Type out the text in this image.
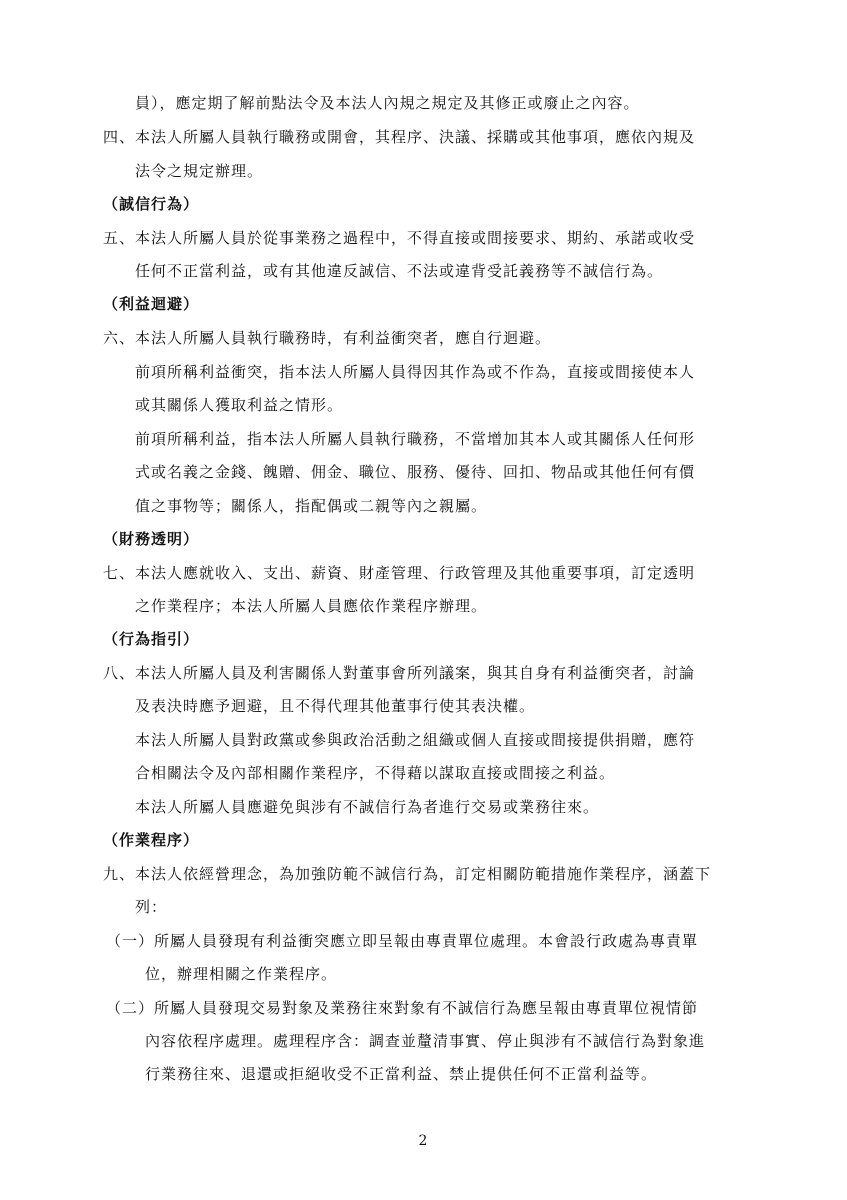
員），應定期了解前點法令及本法人內規之規定及其修正或廢止之內容。
四、本法人所屬人員執行職務或開會，其程序、決議、採購或其他事項，應依內規及
法令之規定辦理。
（誠信行為）
五、本法人所屬人員於從事業務之過程中，不得直接或間接要求、期約、承諾或收受
任何不正當利益，或有其他違反誠信、不法或違背受託義務等不誠信行為。
（利益迴避）
六、本法人所屬人員執行職務時，有利益衝突者，應自行迴避。
前項所稱利益衝突，指本法人所屬人員得因其作為或不作為，直接或間接使本人
或其關係人獲取利益之情形。
前項所稱利益，指本法人所屬人員執行職務，不當增加其本人或其關係人任何形
式或名義之金錢、餽贈、佣金、職位、服務、優待、回扣、物品或其他任何有價
值之事物等；關係人，指配偶或二親等內之親屬。
（財務透明）
七、本法人應就收入、支出、薪資、財產管理、行政管理及其他重要事項，訂定透明
之作業程序；本法人所屬人員應依作業程序辦理。
（行為指引）
八、本法人所屬人員及利害關係人對董事會所列議案，與其自身有利益衝突者，討論
及表決時應予迴避，且不得代理其他董事行使其表決權。
本法人所屬人員對政黨或參與政治活動之組織或個人直接或間接提供捐贈，應符
合相關法令及內部相關作業程序，不得藉以謀取直接或間接之利益。
本法人所屬人員應避免與涉有不誠信行為者進行交易或業務往來。
（作業程序）
九、本法人依經營理念，為加強防範不誠信行為，訂定相關防範措施作業程序，涵蓋下
列：
（一）所屬人員發現有利益衝突應立即呈報由專責單位處理。本會設行政處為專責單
位，辦理相關之作業程序。
（二）所屬人員發現交易對象及業務往來對象有不誠信行為應呈報由專責單位視情節
內容依程序處理。處理程序含：調查並釐清事實、停止與涉有不誠信行為對象進
行業務往來、退還或拒絕收受不正當利益、禁止提供任何不正當利益等。
2
